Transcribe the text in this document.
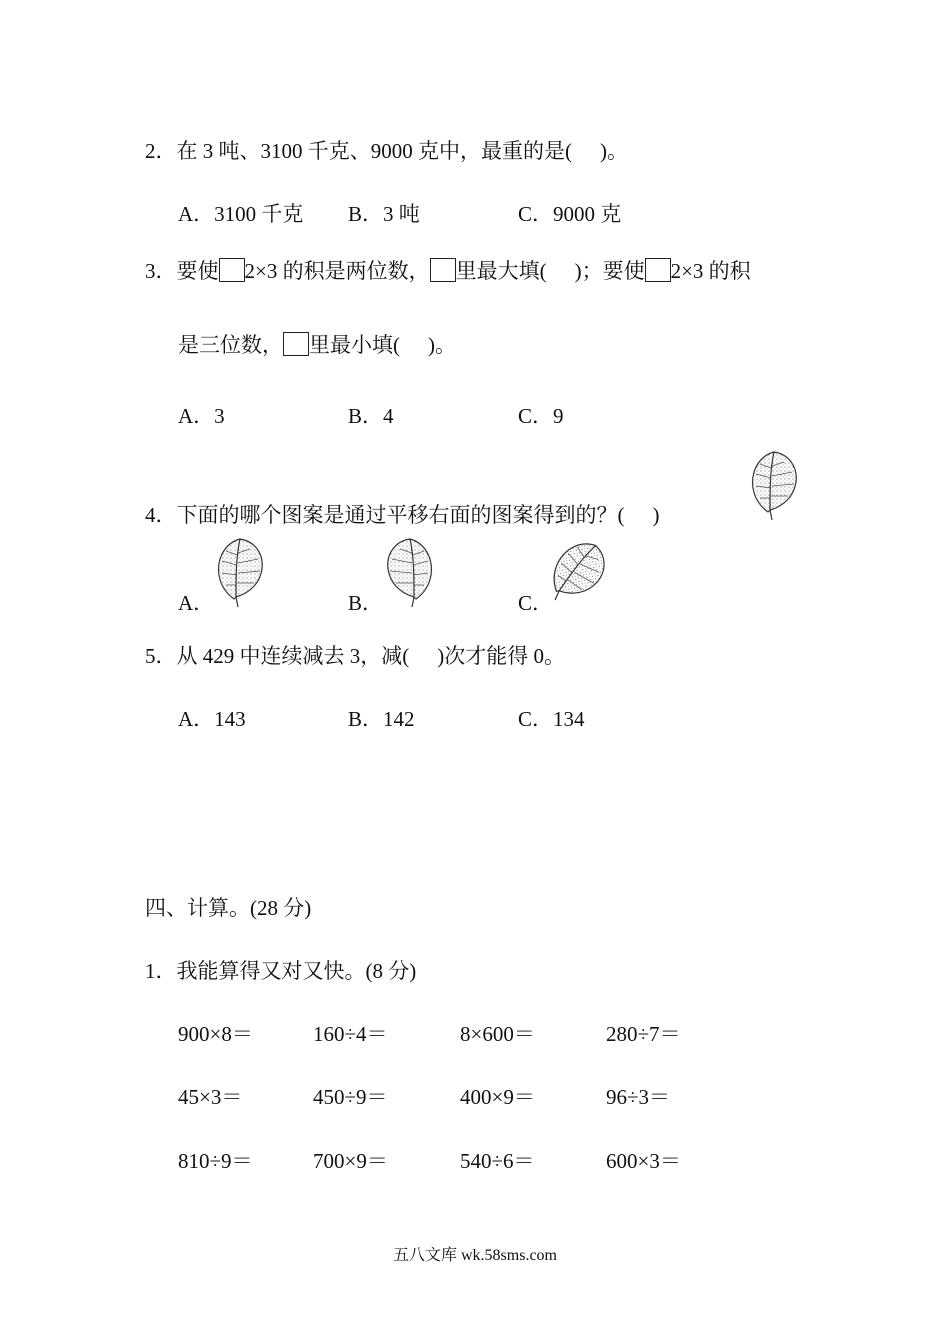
2．在 3 吨、3100 千克、9000 克中，最重的是( )。
A．3100 千克 B．3 吨	C．9000 克
3．要使 2×3 的积是两位数， 里最大填( )；要使 2×3 的积
是三位数， 里最小填( )。
A．3	B．4	C．9
4．下面的哪个图案是通过平移右面的图案得到的？( )
A．	B．	C．
5．从 429 中连续减去 3，减( )次才能得 0。
A．143	B．142	C．134
四、计算。(28 分)
1．我能算得又对又快。(8 分)
900×8＝	160÷4＝	8×600＝	280÷7＝
45×3＝	450÷9＝	400×9＝	96÷3＝
810÷9＝	700×9＝	540÷6＝	600×3＝
五八文库 wk.58sms.com
